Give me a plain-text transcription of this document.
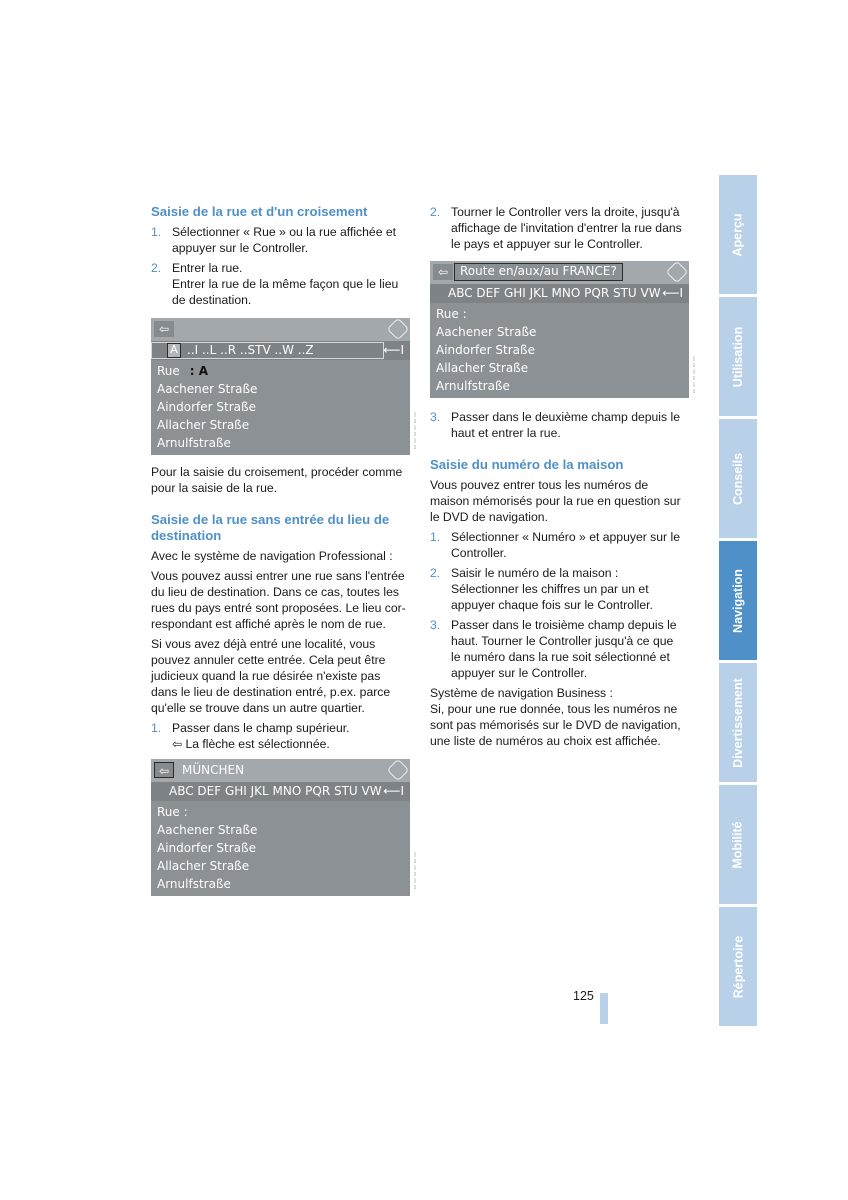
Saisie de la rue et d'un croisement
1. Sélectionner « Rue » ou la rue affichée et appuyer sur le Controller.

2. Entrer la rue.

Entrer la rue de la même façon que le lieu de destination.

⇦
A ..I ..L ..R ..STV ..W ..Z	⟵I
Rue : A
Aachener Straße
Aindorfer Straße
Allacher Straße
Arnulfstraße	▯▯▯▯▯▯

Pour la saisie du croisement, procéder comme pour la saisie de la rue.

Saisie de la rue sans entrée du lieu de destination

Avec le système de navigation Professional :

Vous pouvez aussi entrer une rue sans l'entrée du lieu de destination. Dans ce cas, toutes les rues du pays entré sont proposées. Le lieu correspondant est affiché après le nom de rue.

Si vous avez déjà entré une localité, vous pouvez annuler cette entrée. Cela peut être judicieux quand la rue désirée n'existe pas dans le lieu de destination entré, p.ex. parce qu'elle se trouve dans un autre quartier.

1. Passer dans le champ supérieur.

⇦ La flèche est sélectionnée.

⇦	MÜNCHEN
ABC DEF GHI JKL MNO PQR STU VW ⟵I
Rue :
Aachener Straße
Aindorfer Straße
Allacher Straße
Arnulfstraße	▯▯▯▯▯▯
2. Tourner le Controller vers la droite, jusqu'à affichage de l'invitation d'entrer la rue dans le pays et appuyer sur le Controller.

⇦ Route en/aux/au FRANCE?
ABC DEF GHI JKL MNO PQR STU VW ⟵I
Rue :
Aachener Straße
Aindorfer Straße
Allacher Straße
Arnulfstraße	▯▯▯▯▯▯
3. Passer dans le deuxième champ depuis le haut et entrer la rue.

Saisie du numéro de la maison

Vous pouvez entrer tous les numéros de maison mémorisés pour la rue en question sur le DVD de navigation.

1. Sélectionner « Numéro » et appuyer sur le Controller.

2. Saisir le numéro de la maison :

Sélectionner les chiffres un par un et appuyer chaque fois sur le Controller.

3. Passer dans le troisième champ depuis le haut. Tourner le Controller jusqu'à ce que le numéro dans la rue soit sélectionné et appuyer sur le Controller.

Système de navigation Business :

Si, pour une rue donnée, tous les numéros ne sont pas mémorisés sur le DVD de navigation, une liste de numéros au choix est affichée.

Aperçu
Utilisation
Conseils
Navigation
Divertissement
Mobilité
Répertoire
125
